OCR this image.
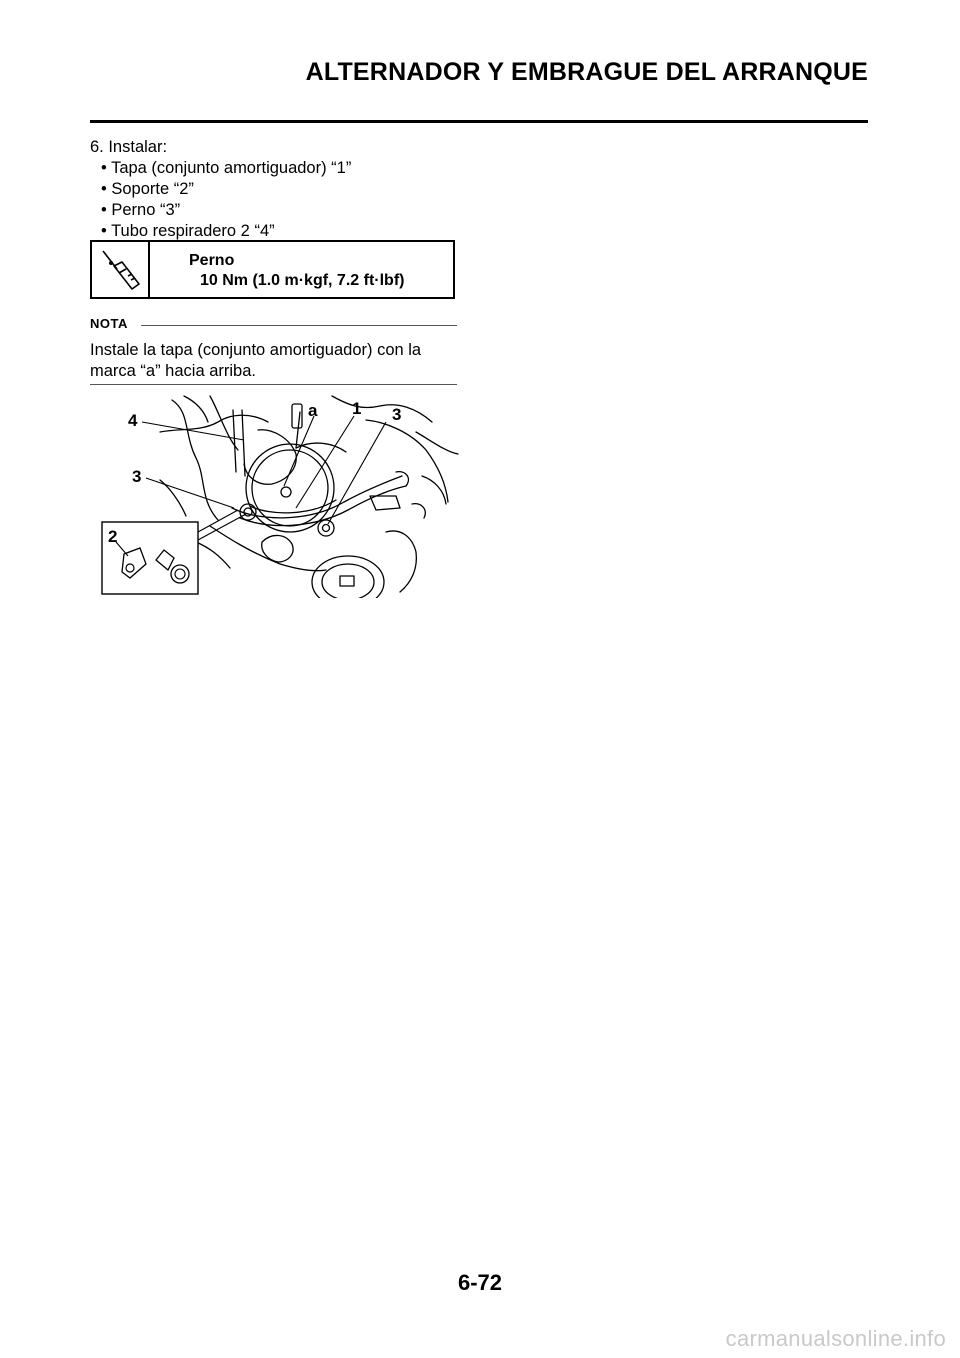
ALTERNADOR Y EMBRAGUE DEL ARRANQUE
6. Instalar:
• Tapa (conjunto amortiguador) “1”
• Soporte “2”
• Perno “3”
• Tubo respiradero 2 “4”
Perno
10 Nm (1.0 m·kgf, 7.2 ft·lbf)
NOTA
Instale la tapa (conjunto amortiguador) con la
marca “a” hacia arriba.
4
a 1 3
3
2
6-72
carmanualsonline.info
